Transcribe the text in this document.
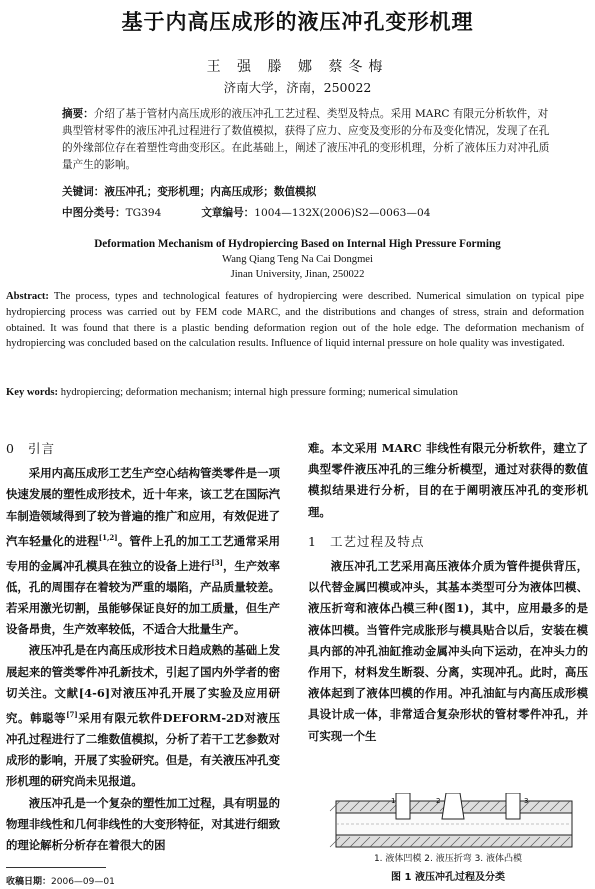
基于内高压成形的液压冲孔变形机理
王 强 滕 娜 蔡冬梅
济南大学，济南，250022
摘要：介绍了基于管材内高压成形的液压冲孔工艺过程、类型及特点。采用 MARC 有限元分析软件，对典型管材零件的液压冲孔过程进行了数值模拟，获得了应力、应变及变形的分布及变化情况，发现了在孔的外缘部位存在着塑性弯曲变形区。在此基础上，阐述了液压冲孔的变形机理，分析了液体压力对冲孔质量产生的影响。
关键词：液压冲孔；变形机理；内高压成形；数值模拟
中图分类号：TG394	文章编号：1004—132X(2006)S2—0063—04
Deformation Mechanism of Hydropiercing Based on Internal High Pressure Forming
Wang Qiang Teng Na Cai Dongmei
Jinan University, Jinan, 250022
Abstract: The process, types and technological features of hydropiercing were described. Numerical simulation on typical pipe hydropiercing process was carried out by FEM code MARC, and the distributions and changes of stress, strain and deformation obtained. It was found that there is a plastic bending deformation region out of the hole edge. The deformation mechanism of hydropiercing was concluded based on the calculation results. Influence of liquid internal pressure on hole quality was investigated.
Key words: hydropiercing; deformation mechanism; internal high pressure forming; numerical simulation
0 引言

采用内高压成形工艺生产空心结构管类零件是一项快速发展的塑性成形技术，近十年来，该工艺在国际汽车制造领域得到了较为普遍的推广和应用，有效促进了汽车轻量化的进程[1,2]。管件上孔的加工工艺通常采用专用的金属冲孔模具在独立的设备上进行[3]，生产效率低，孔的周围存在着较为严重的塌陷，产品质量较差。若采用激光切割，虽能够保证良好的加工质量，但生产设备昂贵，生产效率较低，不适合大批量生产。

液压冲孔是在内高压成形技术日趋成熟的基础上发展起来的管类零件冲孔新技术，引起了国内外学者的密切关注。文献[4-6]对液压冲孔开展了实验及应用研究。韩聪等[7]采用有限元软件DEFORM-2D对液压冲孔过程进行了二维数值模拟，分析了若干工艺参数对成形的影响，开展了实验研究。但是，有关液压冲孔变形机理的研究尚未见报道。

液压冲孔是一个复杂的塑性加工过程，具有明显的物理非线性和几何非线性的大变形特征，对其进行细致的理论解析分析存在着很大的困

难。本文采用 MARC 非线性有限元分析软件，建立了典型零件液压冲孔的三维分析模型，通过对获得的数值模拟结果进行分析，目的在于阐明液压冲孔的变形机理。

1 工艺过程及特点

液压冲孔工艺采用高压液体介质为管件提供背压，以代替金属凹模或冲头，其基本类型可分为液体凹模、液压折弯和液体凸模三种(图1)，其中，应用最多的是液体凹模。当管件完成胀形与模具贴合以后，安装在模具内部的冲孔油缸推动金属冲头向下运动，在冲头力的作用下，材料发生断裂、分离，实现冲孔。此时，高压液体起到了液体凹模的作用。冲孔油缸与内高压成形模具设计成一体，非常适合复杂形状的管材零件冲孔，并可实现一个生

1	2	3
1. 液体凹模 2. 液压折弯 3. 液体凸模
图 1 液压冲孔过程及分类
收稿日期：2006—09—01
